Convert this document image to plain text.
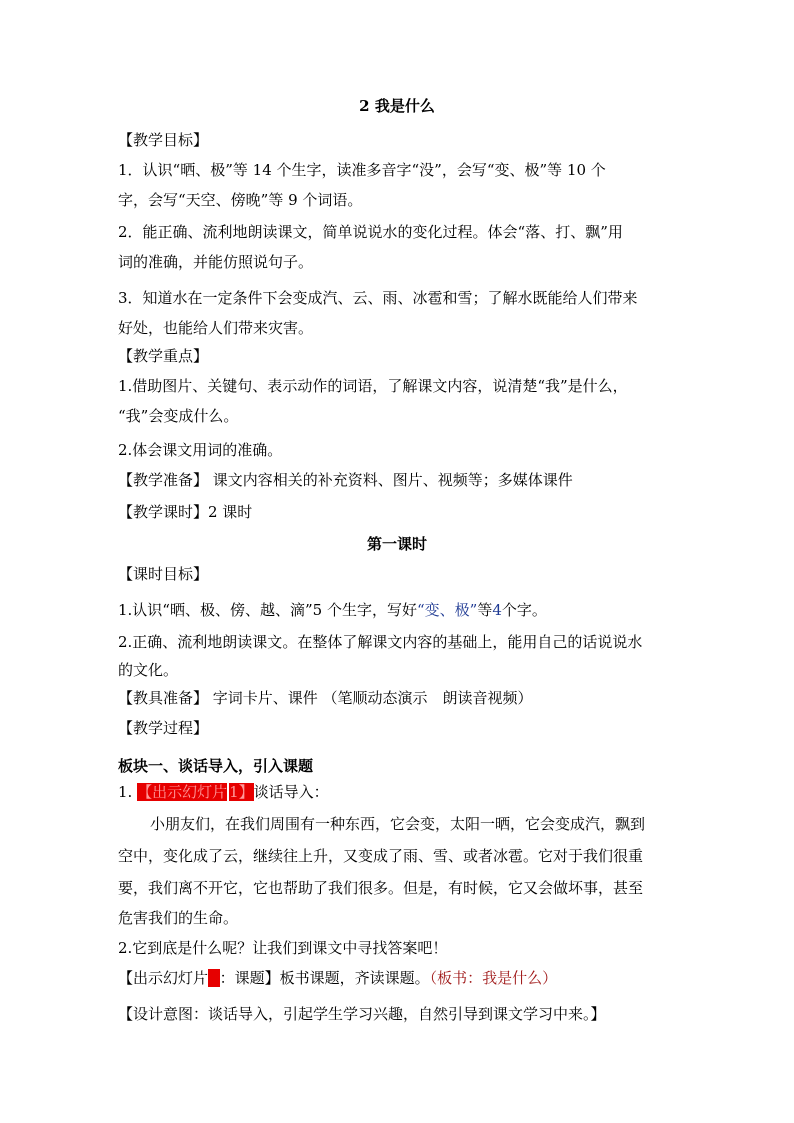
2 我是什么

【教学目标】

1．认识“晒、极”等 14 个生字，读准多音字“没”，会写“变、极”等 10 个

字，会写“天空、傍晚”等 9 个词语。

2．能正确、流利地朗读课文，简单说说水的变化过程。体会“落、打、飘”用

词的准确，并能仿照说句子。

3．知道水在一定条件下会变成汽、云、雨、冰雹和雪；了解水既能给人们带来

好处，也能给人们带来灾害。

【教学重点】

1.借助图片、关键句、表示动作的词语，了解课文内容，说清楚“我”是什么，

“我”会变成什么。

2.体会课文用词的准确。

【教学准备】 课文内容相关的补充资料、图片、视频等；多媒体课件

【教学课时】2 课时

第一课时

【课时目标】

1.认识“晒、极、傍、越、滴”5 个生字，写好“变、极”等4个字。

2.正确、流利地朗读课文。在整体了解课文内容的基础上，能用自己的话说说水

的文化。

【教具准备】 字词卡片、课件 （笔顺动态演示　朗读音视频）

【教学过程】

板块一、谈话导入，引入课题

1. 【出示幻灯片 1】谈话导入：

小朋友们，在我们周围有一种东西，它会变，太阳一晒，它会变成汽，飘到

空中，变化成了云，继续往上升，又变成了雨、雪、或者冰雹。它对于我们很重

要，我们离不开它，它也帮助了我们很多。但是，有时候，它又会做坏事，甚至

危害我们的生命。

2.它到底是什么呢？让我们到课文中寻找答案吧！

【出示幻灯片2：课题】板书课题，齐读课题。（板书：我是什么）

【设计意图：谈话导入，引起学生学习兴趣，自然引导到课文学习中来。】
